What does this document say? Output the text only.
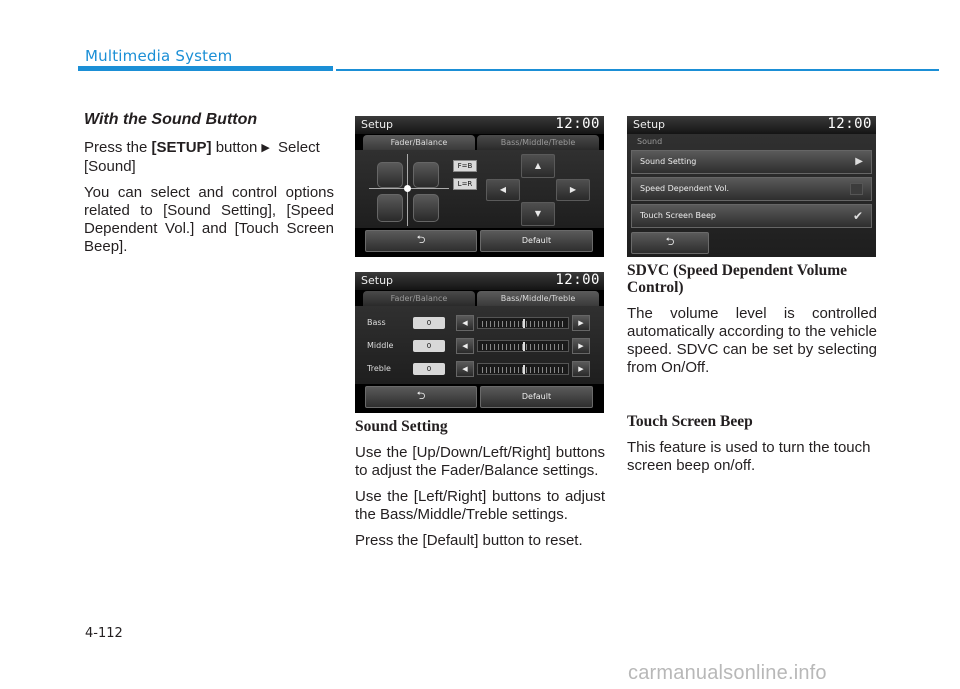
Multimedia System
With the Sound Button

Press the [SETUP] button ▶ Select [Sound]

You can select and control options related to [Sound Setting], [Speed Dependent Vol.] and [Touch Screen Beep].

Setup	12:00
Fader/Balance	Bass/Middle/Treble
F=B
L=R
▲
◀	▶
▼
⮌	Default
Setup	12:00
Fader/Balance	Bass/Middle/Treble
Bass	0	◀	▶
Middle	0	◀	▶
Treble	0	◀	▶
⮌	Default
Setup	12:00
Sound
Sound Setting	▶
Speed Dependent Vol.
Touch Screen Beep	✔
⮌
Sound Setting

Use the [Up/Down/Left/Right] buttons to adjust the Fader/Balance settings.

Use the [Left/Right] buttons to adjust the Bass/Middle/Treble settings.

Press the [Default] button to reset.

SDVC (Speed Dependent Volume Control)

The volume level is controlled automatically according to the vehicle speed. SDVC can be set by selecting from On/Off.

Touch Screen Beep

This feature is used to turn the touch screen beep on/off.

4-112
carmanualsonline.info
